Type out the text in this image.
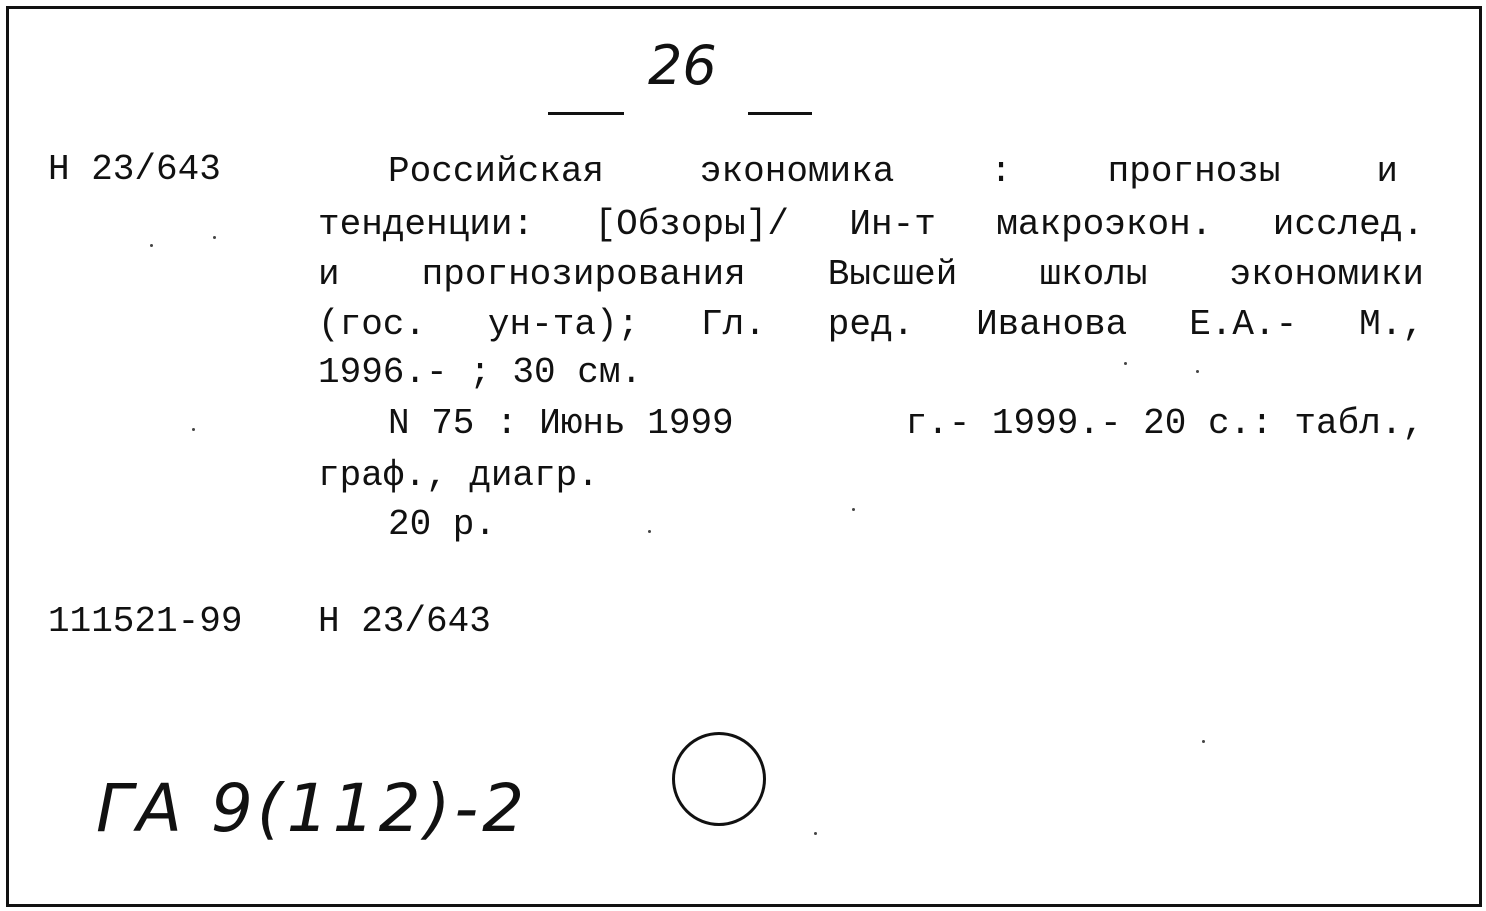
26
Н 23/643	Российская	экономика	:	прогнозы	и
тенденции: [Обзоры]/ Ин-т макроэкон. исслед.
и прогнозирования Высшей школы экономики
(гос. ун-та); Гл. ред. Иванова Е.А.- М.,
1996.- ; 30 см.
N 75 : Июнь 1999	г.- 1999.- 20 с.: табл.,
граф., диагр.
20 р.
111521-99 Н 23/643
ГА 9(112)-2
